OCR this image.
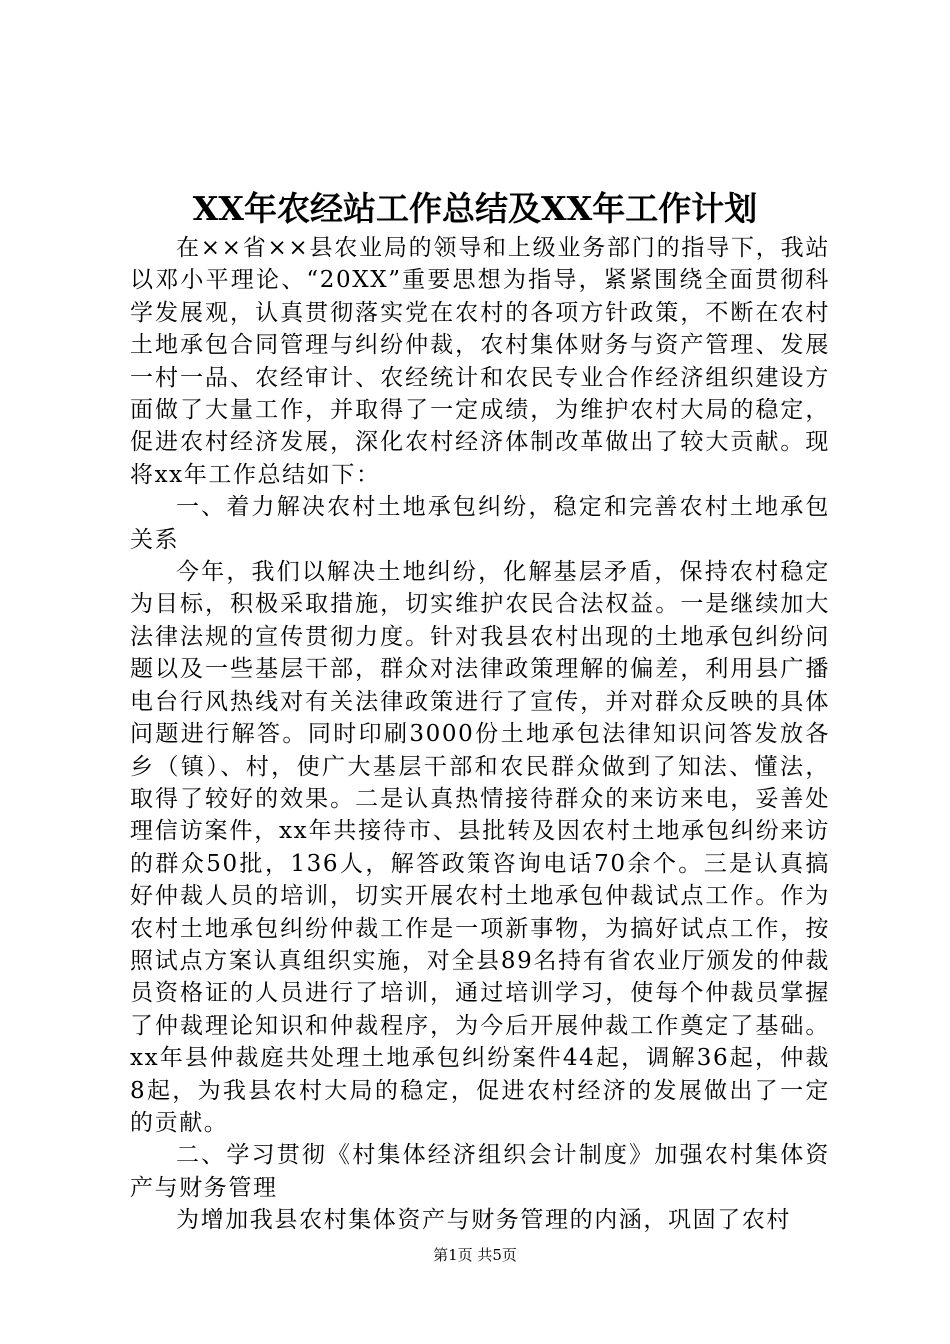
XX年农经站工作总结及XX年工作计划

在××省××县农业局的领导和上级业务部门的指导下，我站以邓小平理论、“20XX”重要思想为指导，紧紧围绕全面贯彻科学发展观，认真贯彻落实党在农村的各项方针政策，不断在农村土地承包合同管理与纠纷仲裁，农村集体财务与资产管理、发展一村一品、农经审计、农经统计和农民专业合作经济组织建设方面做了大量工作，并取得了一定成绩，为维护农村大局的稳定，促进农村经济发展，深化农村经济体制改革做出了较大贡献。现将xx年工作总结如下：

一、着力解决农村土地承包纠纷，稳定和完善农村土地承包关系

今年，我们以解决土地纠纷，化解基层矛盾，保持农村稳定为目标，积极采取措施，切实维护农民合法权益。一是继续加大法律法规的宣传贯彻力度。针对我县农村出现的土地承包纠纷问题以及一些基层干部，群众对法律政策理解的偏差，利用县广播电台行风热线对有关法律政策进行了宣传，并对群众反映的具体问题进行解答。同时印刷3000份土地承包法律知识问答发放各乡（镇）、村，使广大基层干部和农民群众做到了知法、懂法，取得了较好的效果。二是认真热情接待群众的来访来电，妥善处理信访案件，xx年共接待市、县批转及因农村土地承包纠纷来访的群众50批，136人，解答政策咨询电话70余个。三是认真搞好仲裁人员的培训，切实开展农村土地承包仲裁试点工作。作为农村土地承包纠纷仲裁工作是一项新事物，为搞好试点工作，按照试点方案认真组织实施，对全县89名持有省农业厅颁发的仲裁员资格证的人员进行了培训，通过培训学习，使每个仲裁员掌握了仲裁理论知识和仲裁程序，为今后开展仲裁工作奠定了基础。xx年县仲裁庭共处理土地承包纠纷案件44起，调解36起，仲裁8起，为我县农村大局的稳定，促进农村经济的发展做出了一定的贡献。

二、学习贯彻《村集体经济组织会计制度》加强农村集体资产与财务管理

为增加我县农村集体资产与财务管理的内涵，巩固了农村

第1页 共5页
